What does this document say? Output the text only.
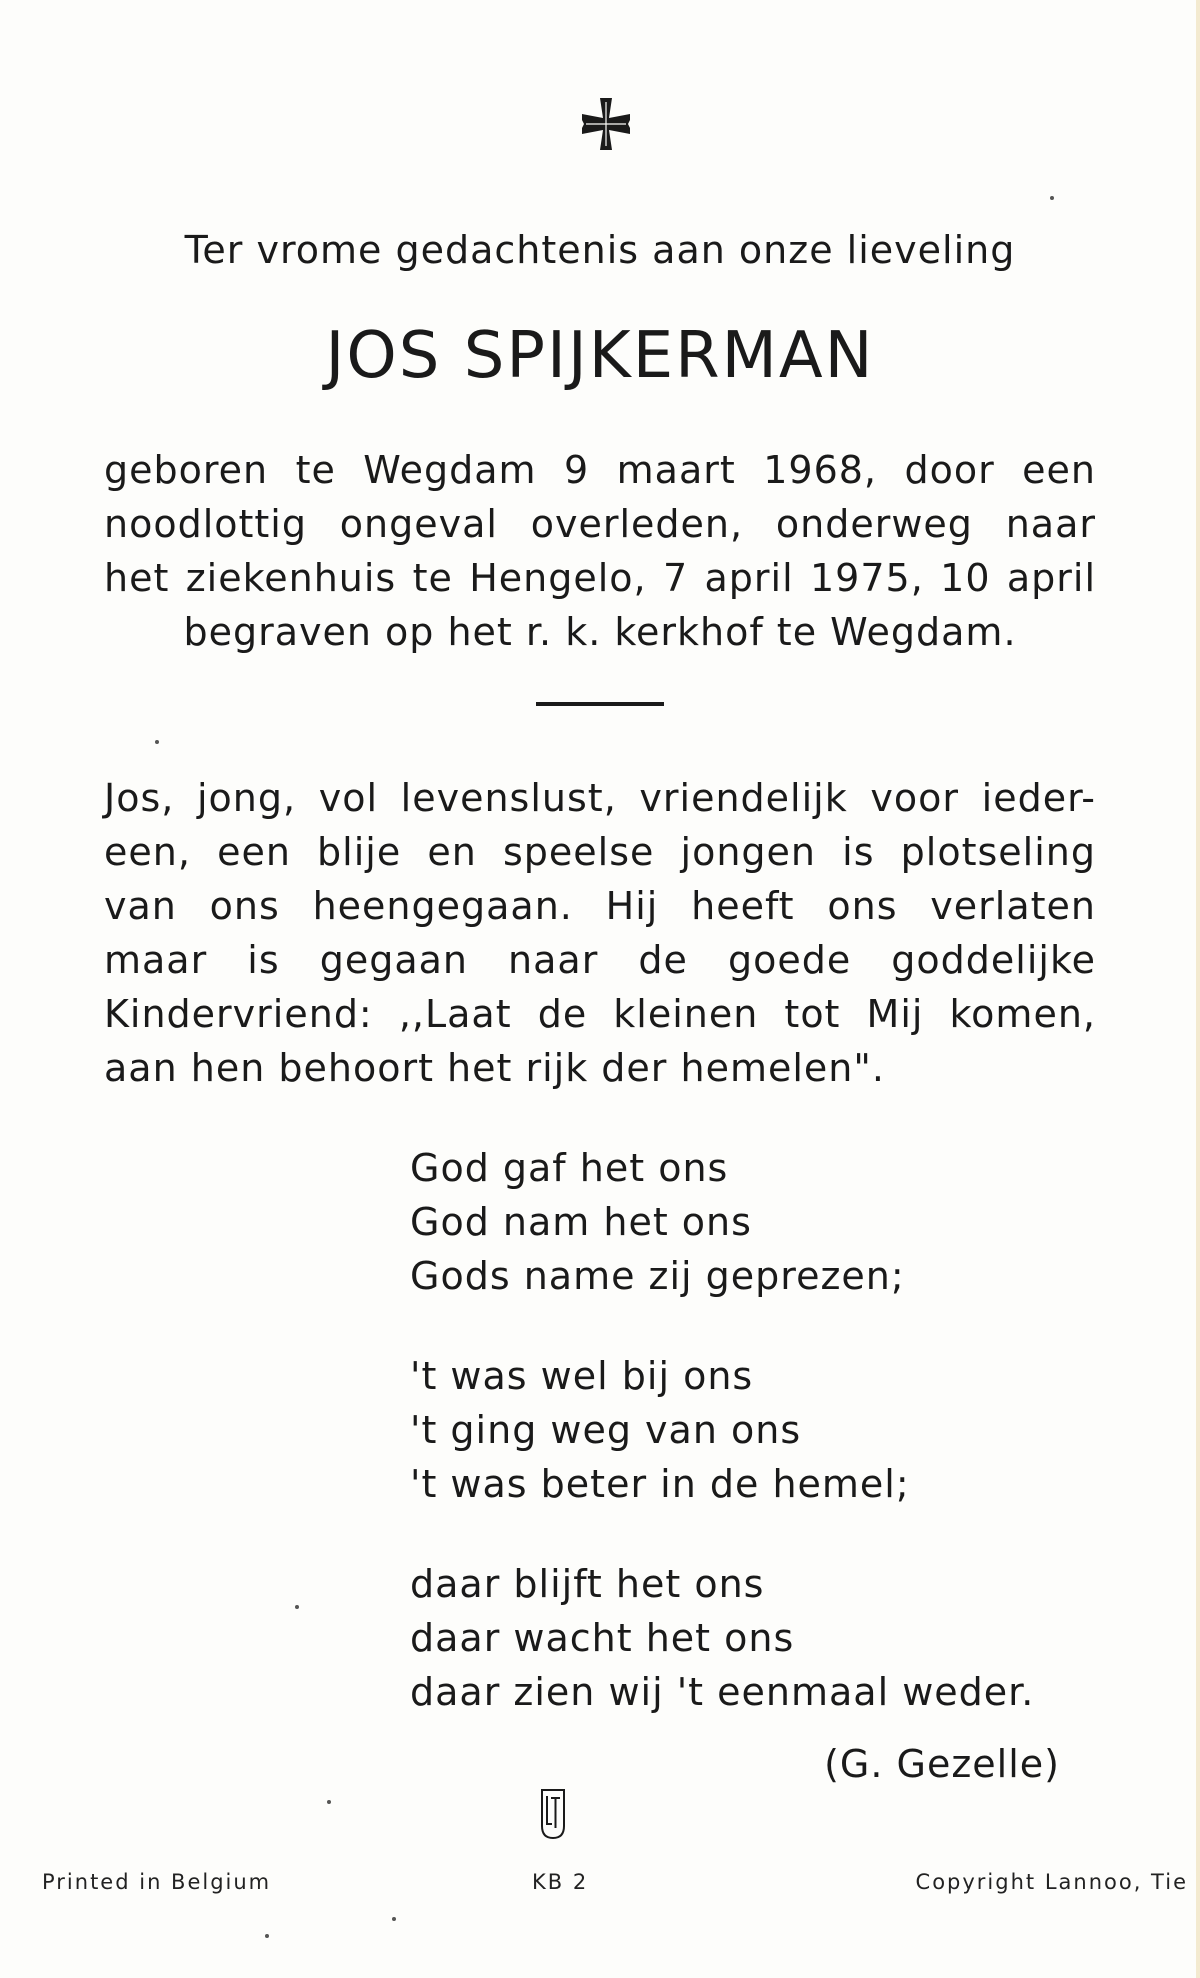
Ter vrome gedachtenis aan onze lieveling
JOS SPIJKERMAN
geboren te Wegdam 9 maart 1968, door een
noodlottig ongeval overleden, onderweg naar
het ziekenhuis te Hengelo, 7 april 1975, 10 april
begraven op het r. k. kerkhof te Wegdam.
Jos, jong, vol levenslust, vriendelijk voor ieder-
een, een blije en speelse jongen is plotseling
van ons heengegaan. Hij heeft ons verlaten
maar is gegaan naar de goede goddelijke
Kindervriend: ,,Laat de kleinen tot Mij komen,
aan hen behoort het rijk der hemelen".
God gaf het ons
God nam het ons
Gods name zij geprezen;
't was wel bij ons
't ging weg van ons
't was beter in de hemel;
daar blijft het ons
daar wacht het ons
daar zien wij 't eenmaal weder.
(G. Gezelle)
Printed in Belgium	KB 2	Copyright Lannoo, Tie
